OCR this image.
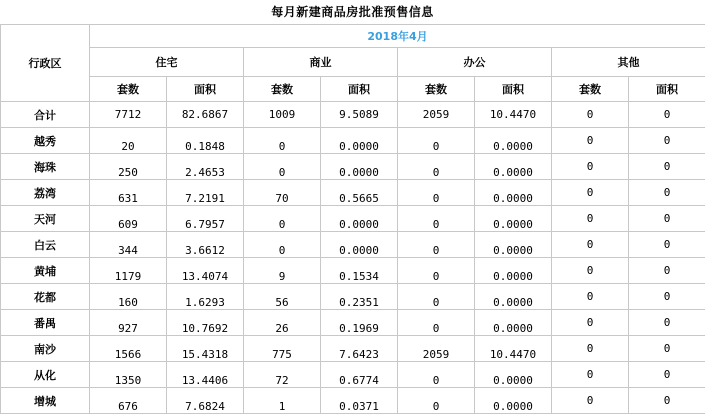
每月新建商品房批准预售信息
行政区	2018年4月							
	住宅		商业		办公		其他	
	套数	面积	套数	面积	套数	面积	套数	面积
合计	7712	82.6867	1009	9.5089	2059	10.4470	0	0
越秀	20	0.1848	0	0.0000	0	0.0000	0	0
海珠	250	2.4653	0	0.0000	0	0.0000	0	0
荔湾	631	7.2191	70	0.5665	0	0.0000	0	0
天河	609	6.7957	0	0.0000	0	0.0000	0	0
白云	344	3.6612	0	0.0000	0	0.0000	0	0
黄埔	1179	13.4074	9	0.1534	0	0.0000	0	0
花都	160	1.6293	56	0.2351	0	0.0000	0	0
番禺	927	10.7692	26	0.1969	0	0.0000	0	0
南沙	1566	15.4318	775	7.6423	2059	10.4470	0	0
从化	1350	13.4406	72	0.6774	0	0.0000	0	0
增城	676	7.6824	1	0.0371	0	0.0000	0	0
